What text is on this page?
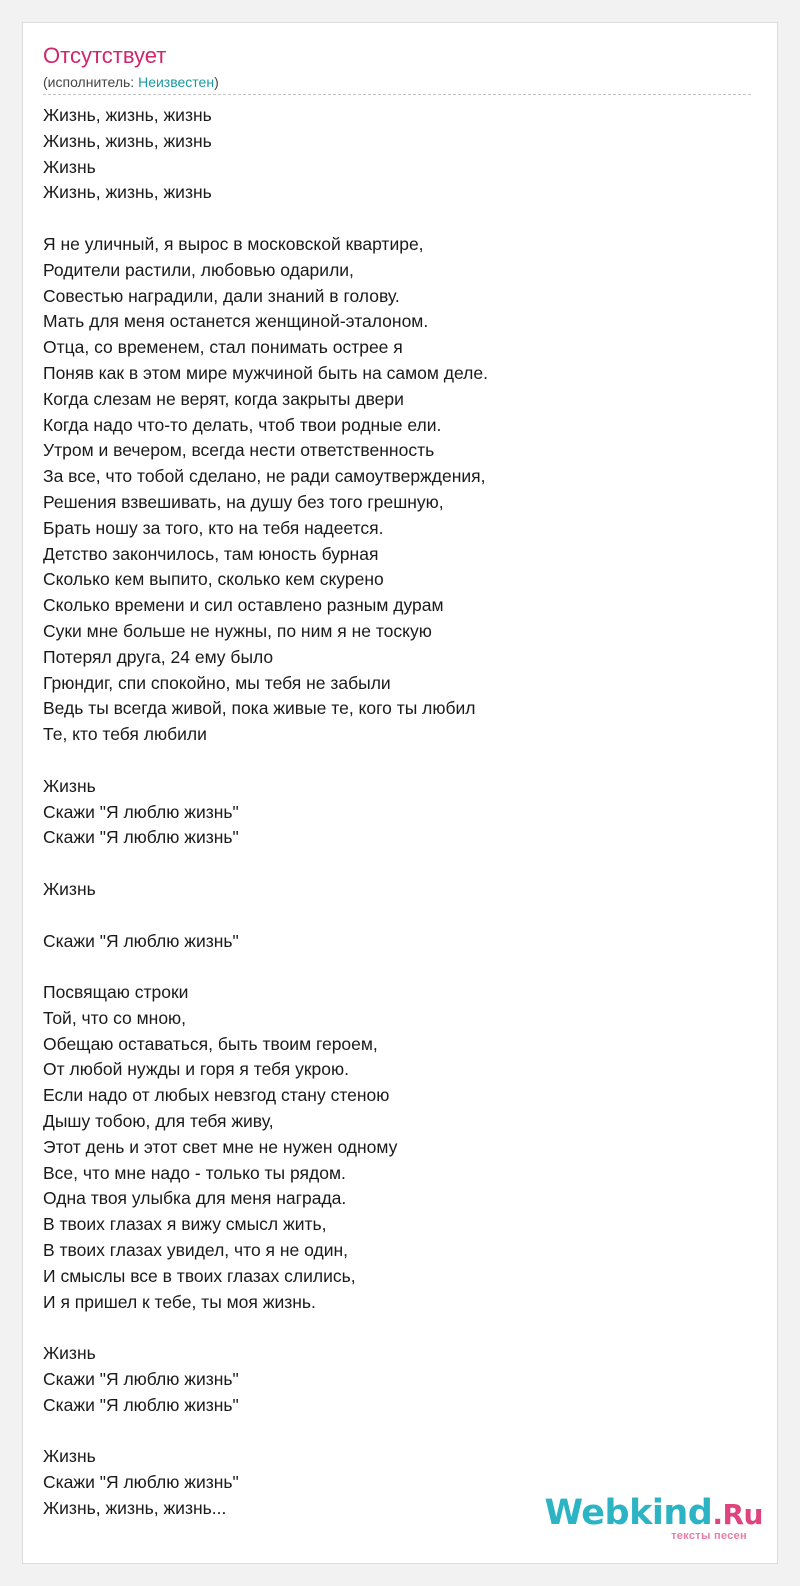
Отсутствует
(исполнитель: Неизвестен)
Жизнь, жизнь, жизнь
Жизнь, жизнь, жизнь
Жизнь
Жизнь, жизнь, жизнь
Я не уличный, я вырос в московской квартире,
Родители растили, любовью одарили,
Совестью наградили, дали знаний в голову.
Мать для меня останется женщиной-эталоном.
Отца, со временем, стал понимать острее я
Поняв как в этом мире мужчиной быть на самом деле.
Когда слезам не верят, когда закрыты двери
Когда надо что-то делать, чтоб твои родные ели.
Утром и вечером, всегда нести ответственность
За все, что тобой сделано, не ради самоутверждения,
Решения взвешивать, на душу без того грешную,
Брать ношу за того, кто на тебя надеется.
Детство закончилось, там юность бурная
Сколько кем выпито, сколько кем скурено
Сколько времени и сил оставлено разным дурам
Суки мне больше не нужны, по ним я не тоскую
Потерял друга, 24 ему было
Грюндиг, спи спокойно, мы тебя не забыли
Ведь ты всегда живой, пока живые те, кого ты любил
Те, кто тебя любили
Жизнь
Скажи "Я люблю жизнь"
Скажи "Я люблю жизнь"
Жизнь
Скажи "Я люблю жизнь"
Посвящаю строки
Той, что со мною,
Обещаю оставаться, быть твоим героем,
От любой нужды и горя я тебя укрою.
Если надо от любых невзгод стану стеною
Дышу тобою, для тебя живу,
Этот день и этот свет мне не нужен одному
Все, что мне надо - только ты рядом.
Одна твоя улыбка для меня награда.
В твоих глазах я вижу смысл жить,
В твоих глазах увидел, что я не один,
И смыслы все в твоих глазах слились,
И я пришел к тебе, ты моя жизнь.
Жизнь
Скажи "Я люблю жизнь"
Скажи "Я люблю жизнь"
Жизнь
Скажи "Я люблю жизнь"
Жизнь, жизнь, жизнь...	Webkind.Ru
тексты песен
